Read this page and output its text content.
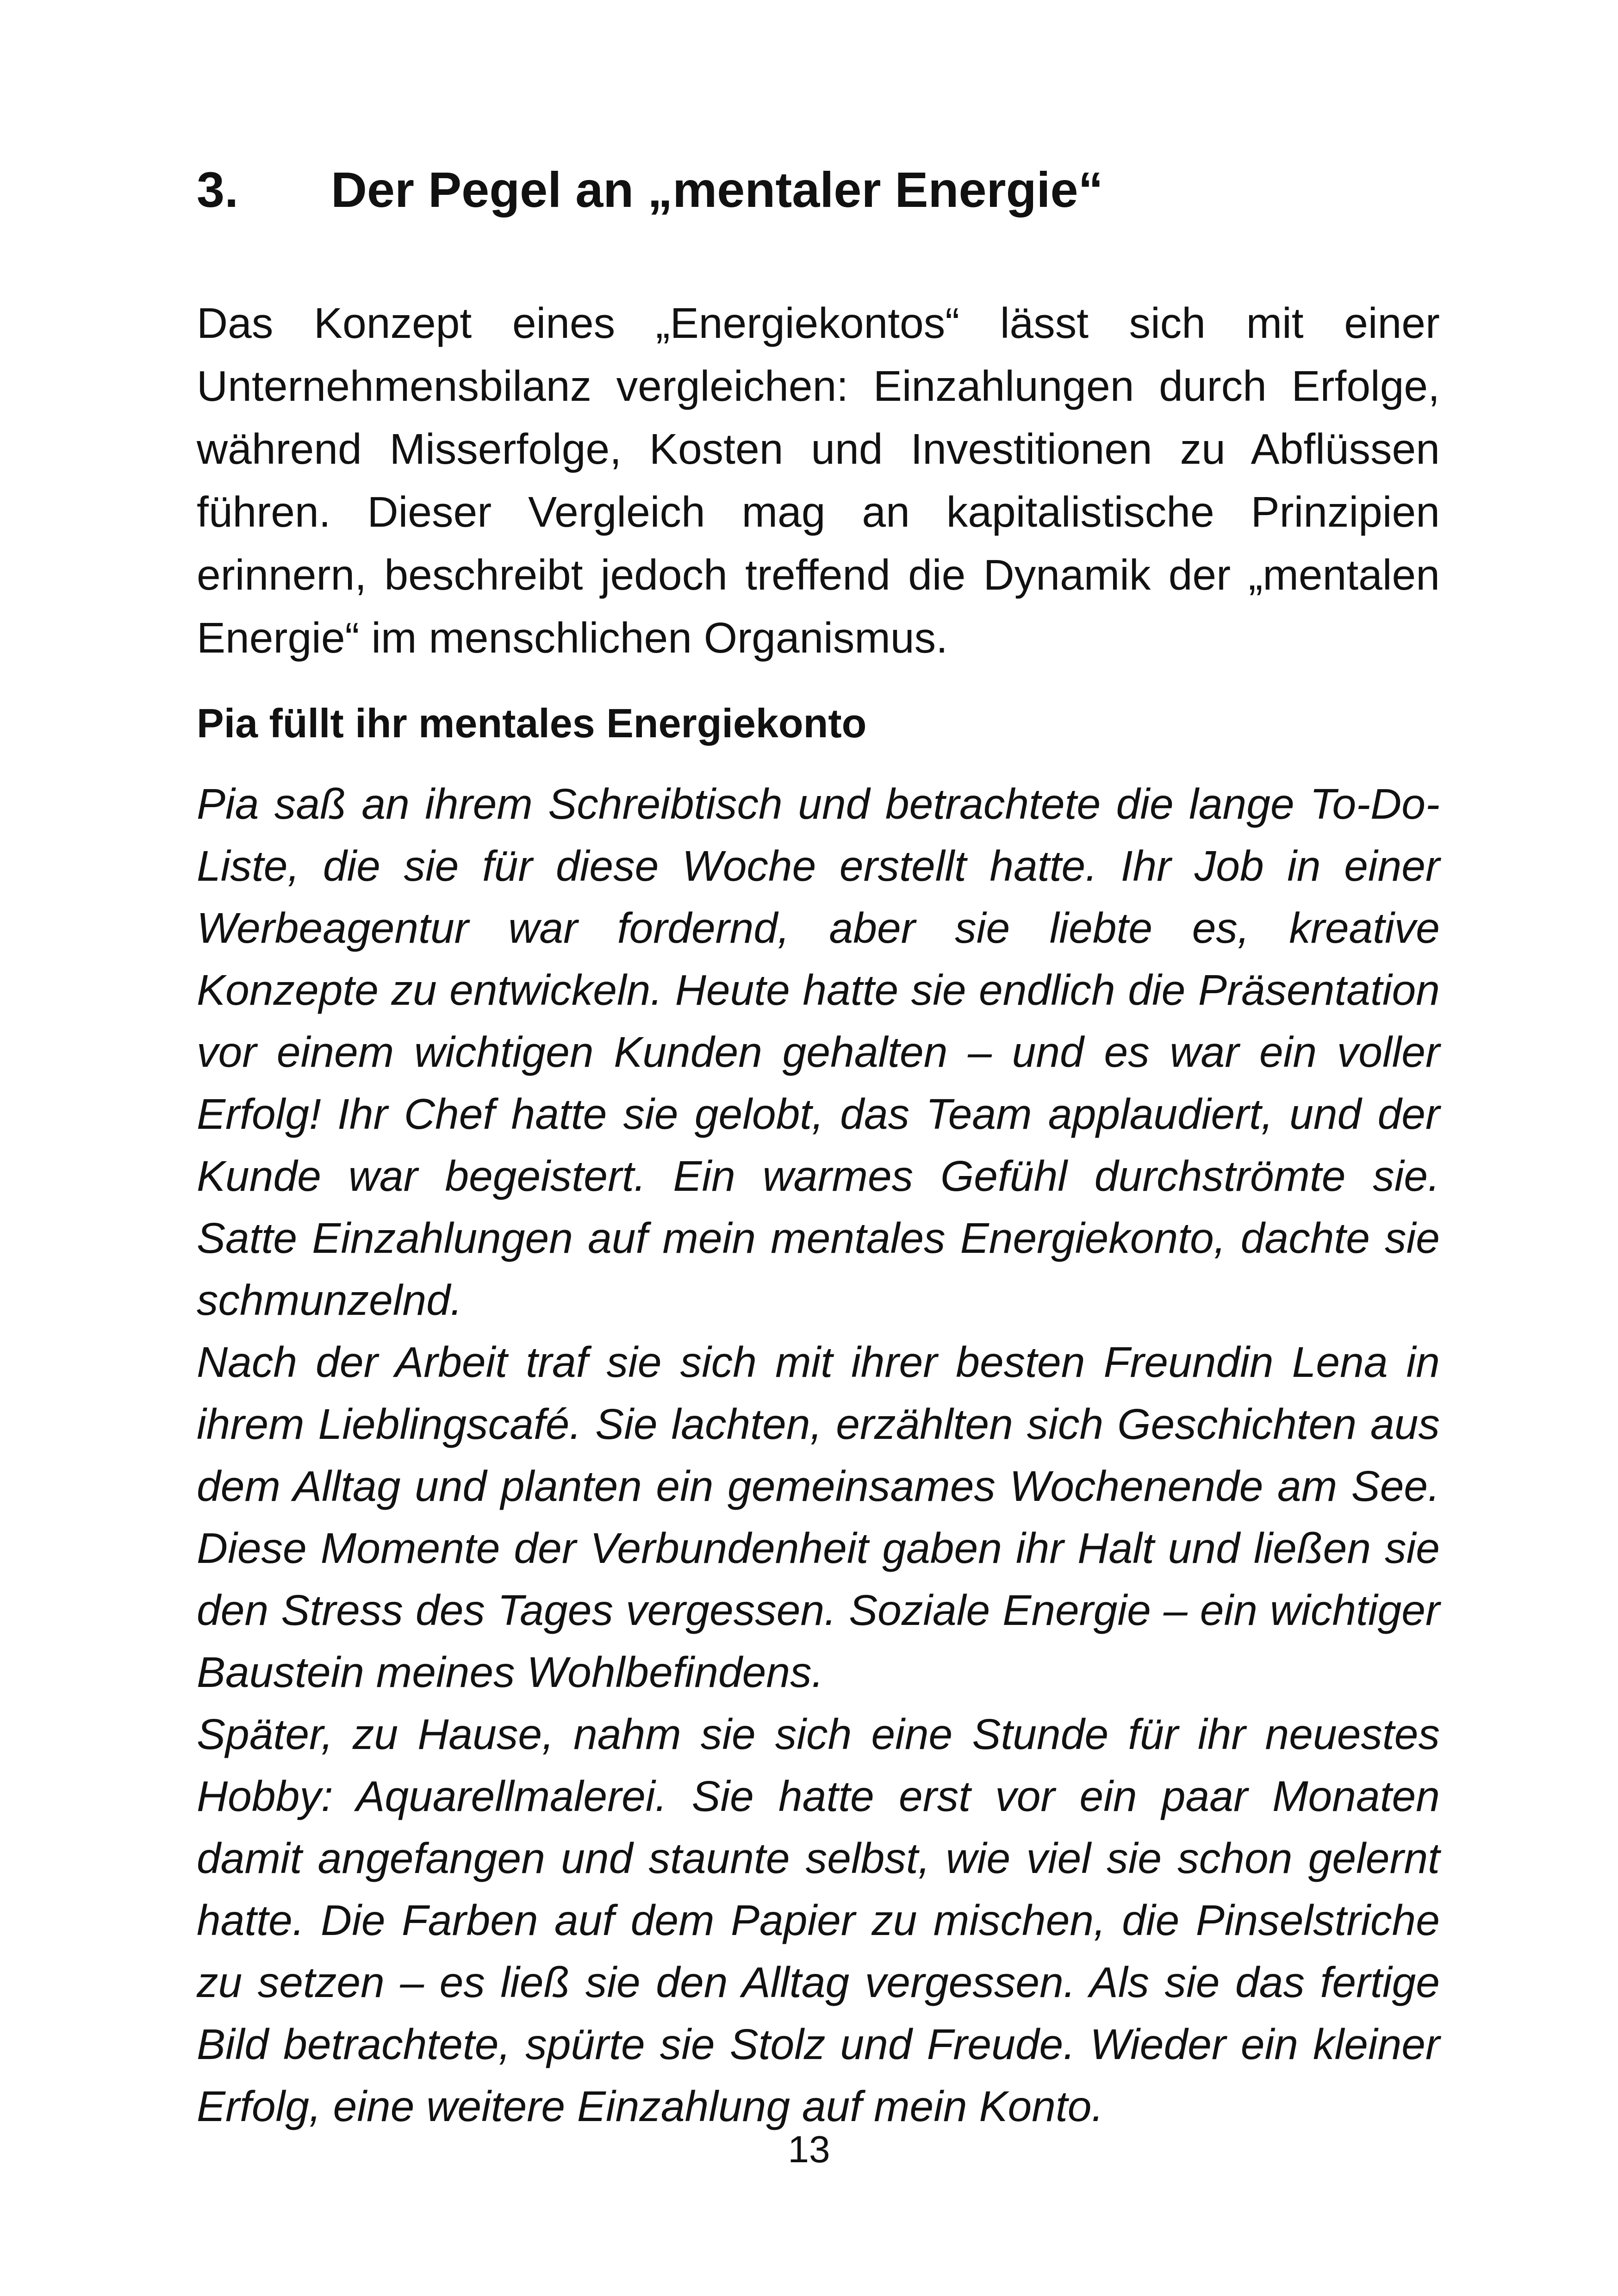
3. Der Pegel an „mentaler Energie“

Das Konzept eines „Energiekontos“ lässt sich mit einer Unternehmensbilanz vergleichen: Einzahlungen durch Erfolge, während Misserfolge, Kosten und Investitionen zu Abflüssen führen. Dieser Vergleich mag an kapitalistische Prinzipien erinnern, beschreibt jedoch treffend die Dynamik der „mentalen Energie“ im menschlichen Organismus.

Pia füllt ihr mentales Energiekonto

Pia saß an ihrem Schreibtisch und betrachtete die lange To-Do-Liste, die sie für diese Woche erstellt hatte. Ihr Job in einer Werbeagentur war fordernd, aber sie liebte es, kreative Konzepte zu entwickeln. Heute hatte sie endlich die Präsentation vor einem wichtigen Kunden gehalten – und es war ein voller Erfolg! Ihr Chef hatte sie gelobt, das Team applaudiert, und der Kunde war begeistert. Ein warmes Gefühl durchströmte sie. Satte Einzahlungen auf mein mentales Energiekonto, dachte sie schmunzelnd.

Nach der Arbeit traf sie sich mit ihrer besten Freundin Lena in ihrem Lieblingscafé. Sie lachten, erzählten sich Geschichten aus dem Alltag und planten ein gemeinsames Wochenende am See. Diese Momente der Verbundenheit gaben ihr Halt und ließen sie den Stress des Tages vergessen. Soziale Energie – ein wichtiger Baustein meines Wohlbefindens.

Später, zu Hause, nahm sie sich eine Stunde für ihr neuestes Hobby: Aquarellmalerei. Sie hatte erst vor ein paar Monaten damit angefangen und staunte selbst, wie viel sie schon gelernt hatte. Die Farben auf dem Papier zu mischen, die Pinselstriche zu setzen – es ließ sie den Alltag vergessen. Als sie das fertige Bild betrachtete, spürte sie Stolz und Freude. Wieder ein kleiner Erfolg, eine weitere Einzahlung auf mein Konto.

13
